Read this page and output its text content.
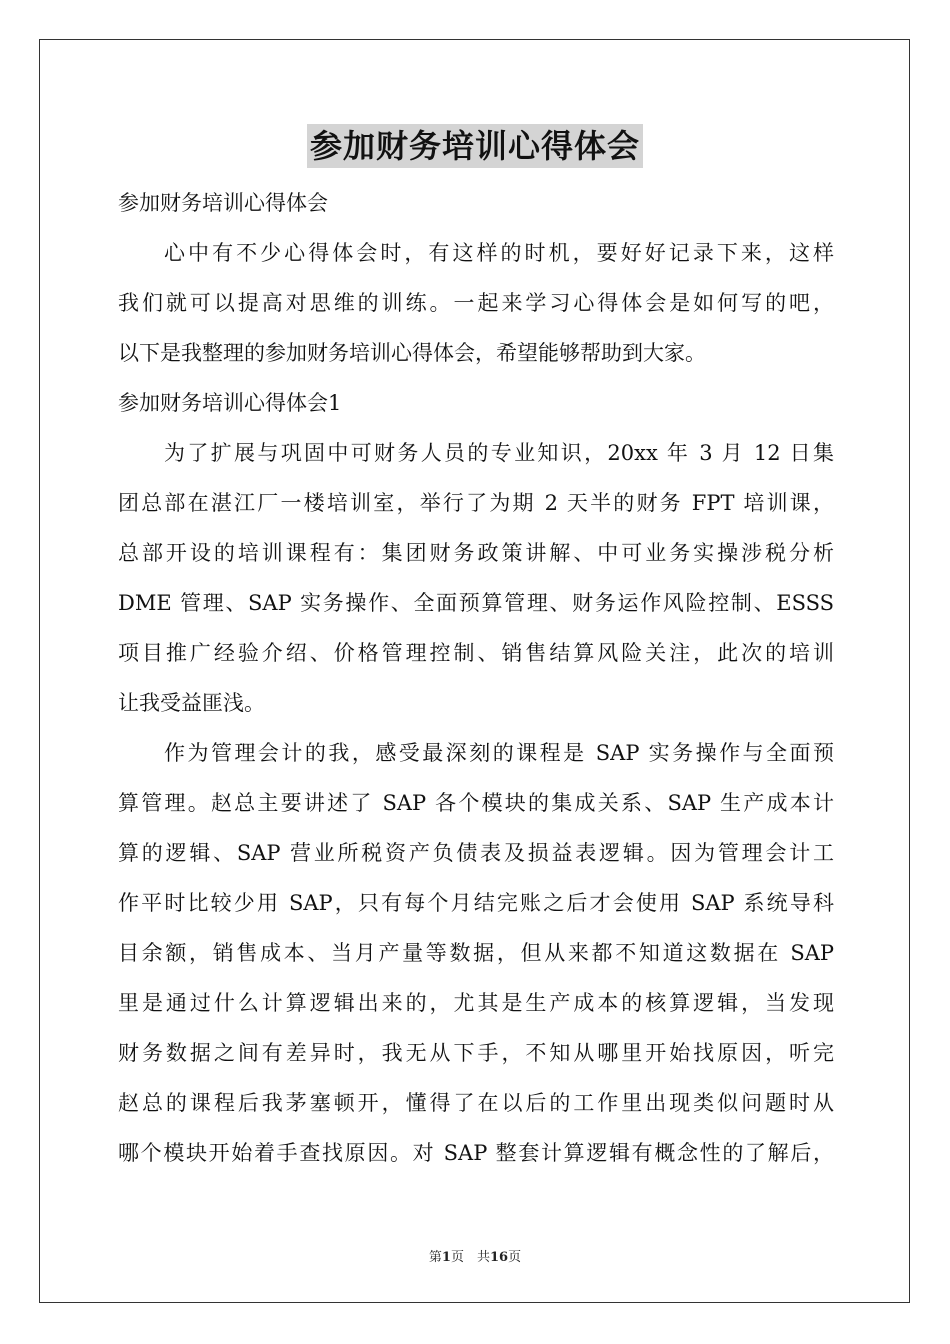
参加财务培训心得体会
参加财务培训心得体会
心中有不少心得体会时，有这样的时机，要好好记录下来，这样
我们就可以提高对思维的训练。一起来学习心得体会是如何写的吧，
以下是我整理的参加财务培训心得体会，希望能够帮助到大家。
参加财务培训心得体会1
为了扩展与巩固中可财务人员的专业知识，20xx 年 3 月 12 日集
团总部在湛江厂一楼培训室，举行了为期 2 天半的财务 FPT 培训课，
总部开设的培训课程有：集团财务政策讲解、中可业务实操涉税分析
DME 管理、SAP 实务操作、全面预算管理、财务运作风险控制、ESSS
项目推广经验介绍、价格管理控制、销售结算风险关注，此次的培训
让我受益匪浅。
作为管理会计的我，感受最深刻的课程是 SAP 实务操作与全面预
算管理。赵总主要讲述了 SAP 各个模块的集成关系、SAP 生产成本计
算的逻辑、SAP 营业所税资产负债表及损益表逻辑。因为管理会计工
作平时比较少用 SAP，只有每个月结完账之后才会使用 SAP 系统导科
目余额，销售成本、当月产量等数据，但从来都不知道这数据在 SAP
里是通过什么计算逻辑出来的，尤其是生产成本的核算逻辑，当发现
财务数据之间有差异时，我无从下手，不知从哪里开始找原因，听完
赵总的课程后我茅塞顿开，懂得了在以后的工作里出现类似问题时从
哪个模块开始着手查找原因。对 SAP 整套计算逻辑有概念性的了解后，
第1页　共16页
